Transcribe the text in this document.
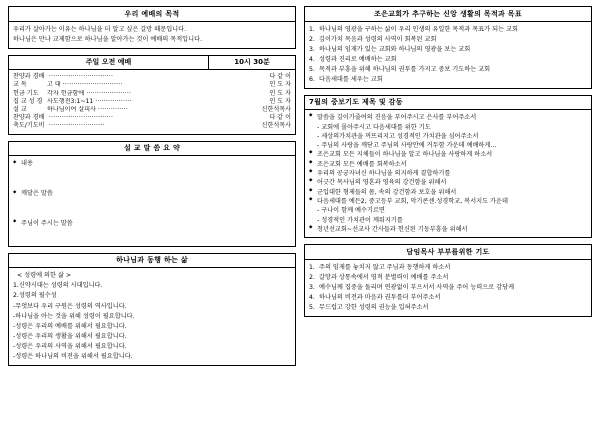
우리 예배의 목적
우리가 살아가는 이유는 하나님을 더 알고 싶은 갈망 때문입니다.
하나님은 만나 교제함으로 하나님을 알아가는 것이 예배의 목적입니다.
주일 오전 예배	10시 30분
찬양과 경배 ······························	다 같 이
교 독	고 대 ····························	인 도 자
헌금 기도	각자 헌금함에 ·····················	인 도 자
집 교 성 경 사도행전3:1~11 ·················	인 도 자
설 교	하나님이여 살피사 ··············	신한석목사
찬양과 경배 ······························	다 같 이
축도/기도비 ··························	신한석목사
설 교 말 씀 요 약
◆ 내용
◆ 깨달은 말씀
◆ 주님이 주시는 말씀
하나님과 동행 하는 삶
< 성령에 의한 삶 >
1.신약시대는 성령의 시대입니다.
2.성령의 필수성
-무엇보다 우리 구원은 성령의 역사입니다.
-하나님을 아는 것을 위해 성령이 필요합니다.
-성령은 우리의 예배를 위해서 필요합니다.
-성령은 우리의 생활을 위해서 필요합니다.
-성령은 우리의 사역을 위해서 필요합니다.
-성령은 하나님의 비전을 위해서 필요합니다.
조은교회가 추구하는 신앙 생활의 목적과 목표
1. 하나님의 영광을 구하는 삶이 우리 인생의 유일한 목적과 목표가 되는 교회
2. 깊이가치 목음과 성령의 사역이 회복된 교회
3. 하나님의 임재가 있는 교회와 하나님의 영광을 보는 교회
4. 성령과 진리로 예배하는 교회
5. 목적과 부흥을 위해 하나님의 권투를 가지고 중보 기도하는 교회
6. 다음세대를 세우는 교회
7월의 중보기도 제목 및 감동
◆ 말씀을 깊이가줄여의 진음을 부어주시고 은사를 부어주소서
- 교회에 몰아주시고 다음세대를 위한 기도
- 세상의가치관을 꺼뜨리지고 성경적인 가치관을 심어주소서
- 주님의 사랑을 깨닫고 주님의 사랑안에 거두함 가운데 예배하게...
◆ 조은교회 모든 지체들이 하나님을 알고 하나님을 사랑하게 하소서
◆ 조은교회 모든 예배를 회복하소서
◆ 우리의 공궁자녀신 하나님을 의지하게 곁합하기를
◆ 어긋간 목사님의 영혼과 영육의 강건함을 위해서
◆ 군입대한 형제들의 몸, 속의 강건함과 보호을 위해서
◆ 다음세대를 예든2, 중고등부 교회, 악기콘센.성경학교, 복서지도 가운데
- 구나이 함께 예수기르면
- 성경적인 가치관이 깨워지기를
◆ 청년선교회~선교사 간사들과 헌신된 기둥부흥을 위해서
담임목사 부부를위한 기도
1. 주의 임재를 놓치지 않고 주님과 동행하게 하소서
2. 갈망과 상통속에서 영적 분별력이 예배를 주소서
3. 예수님께 집중을 돌리며 연광없이 부으서서 사역을 주어 능력으로 감당케
4. 하나님의 비전과 마음과 권투를더 부어주소서
5. 무드럽고 강한 성령의 권능을 입혀주소서
